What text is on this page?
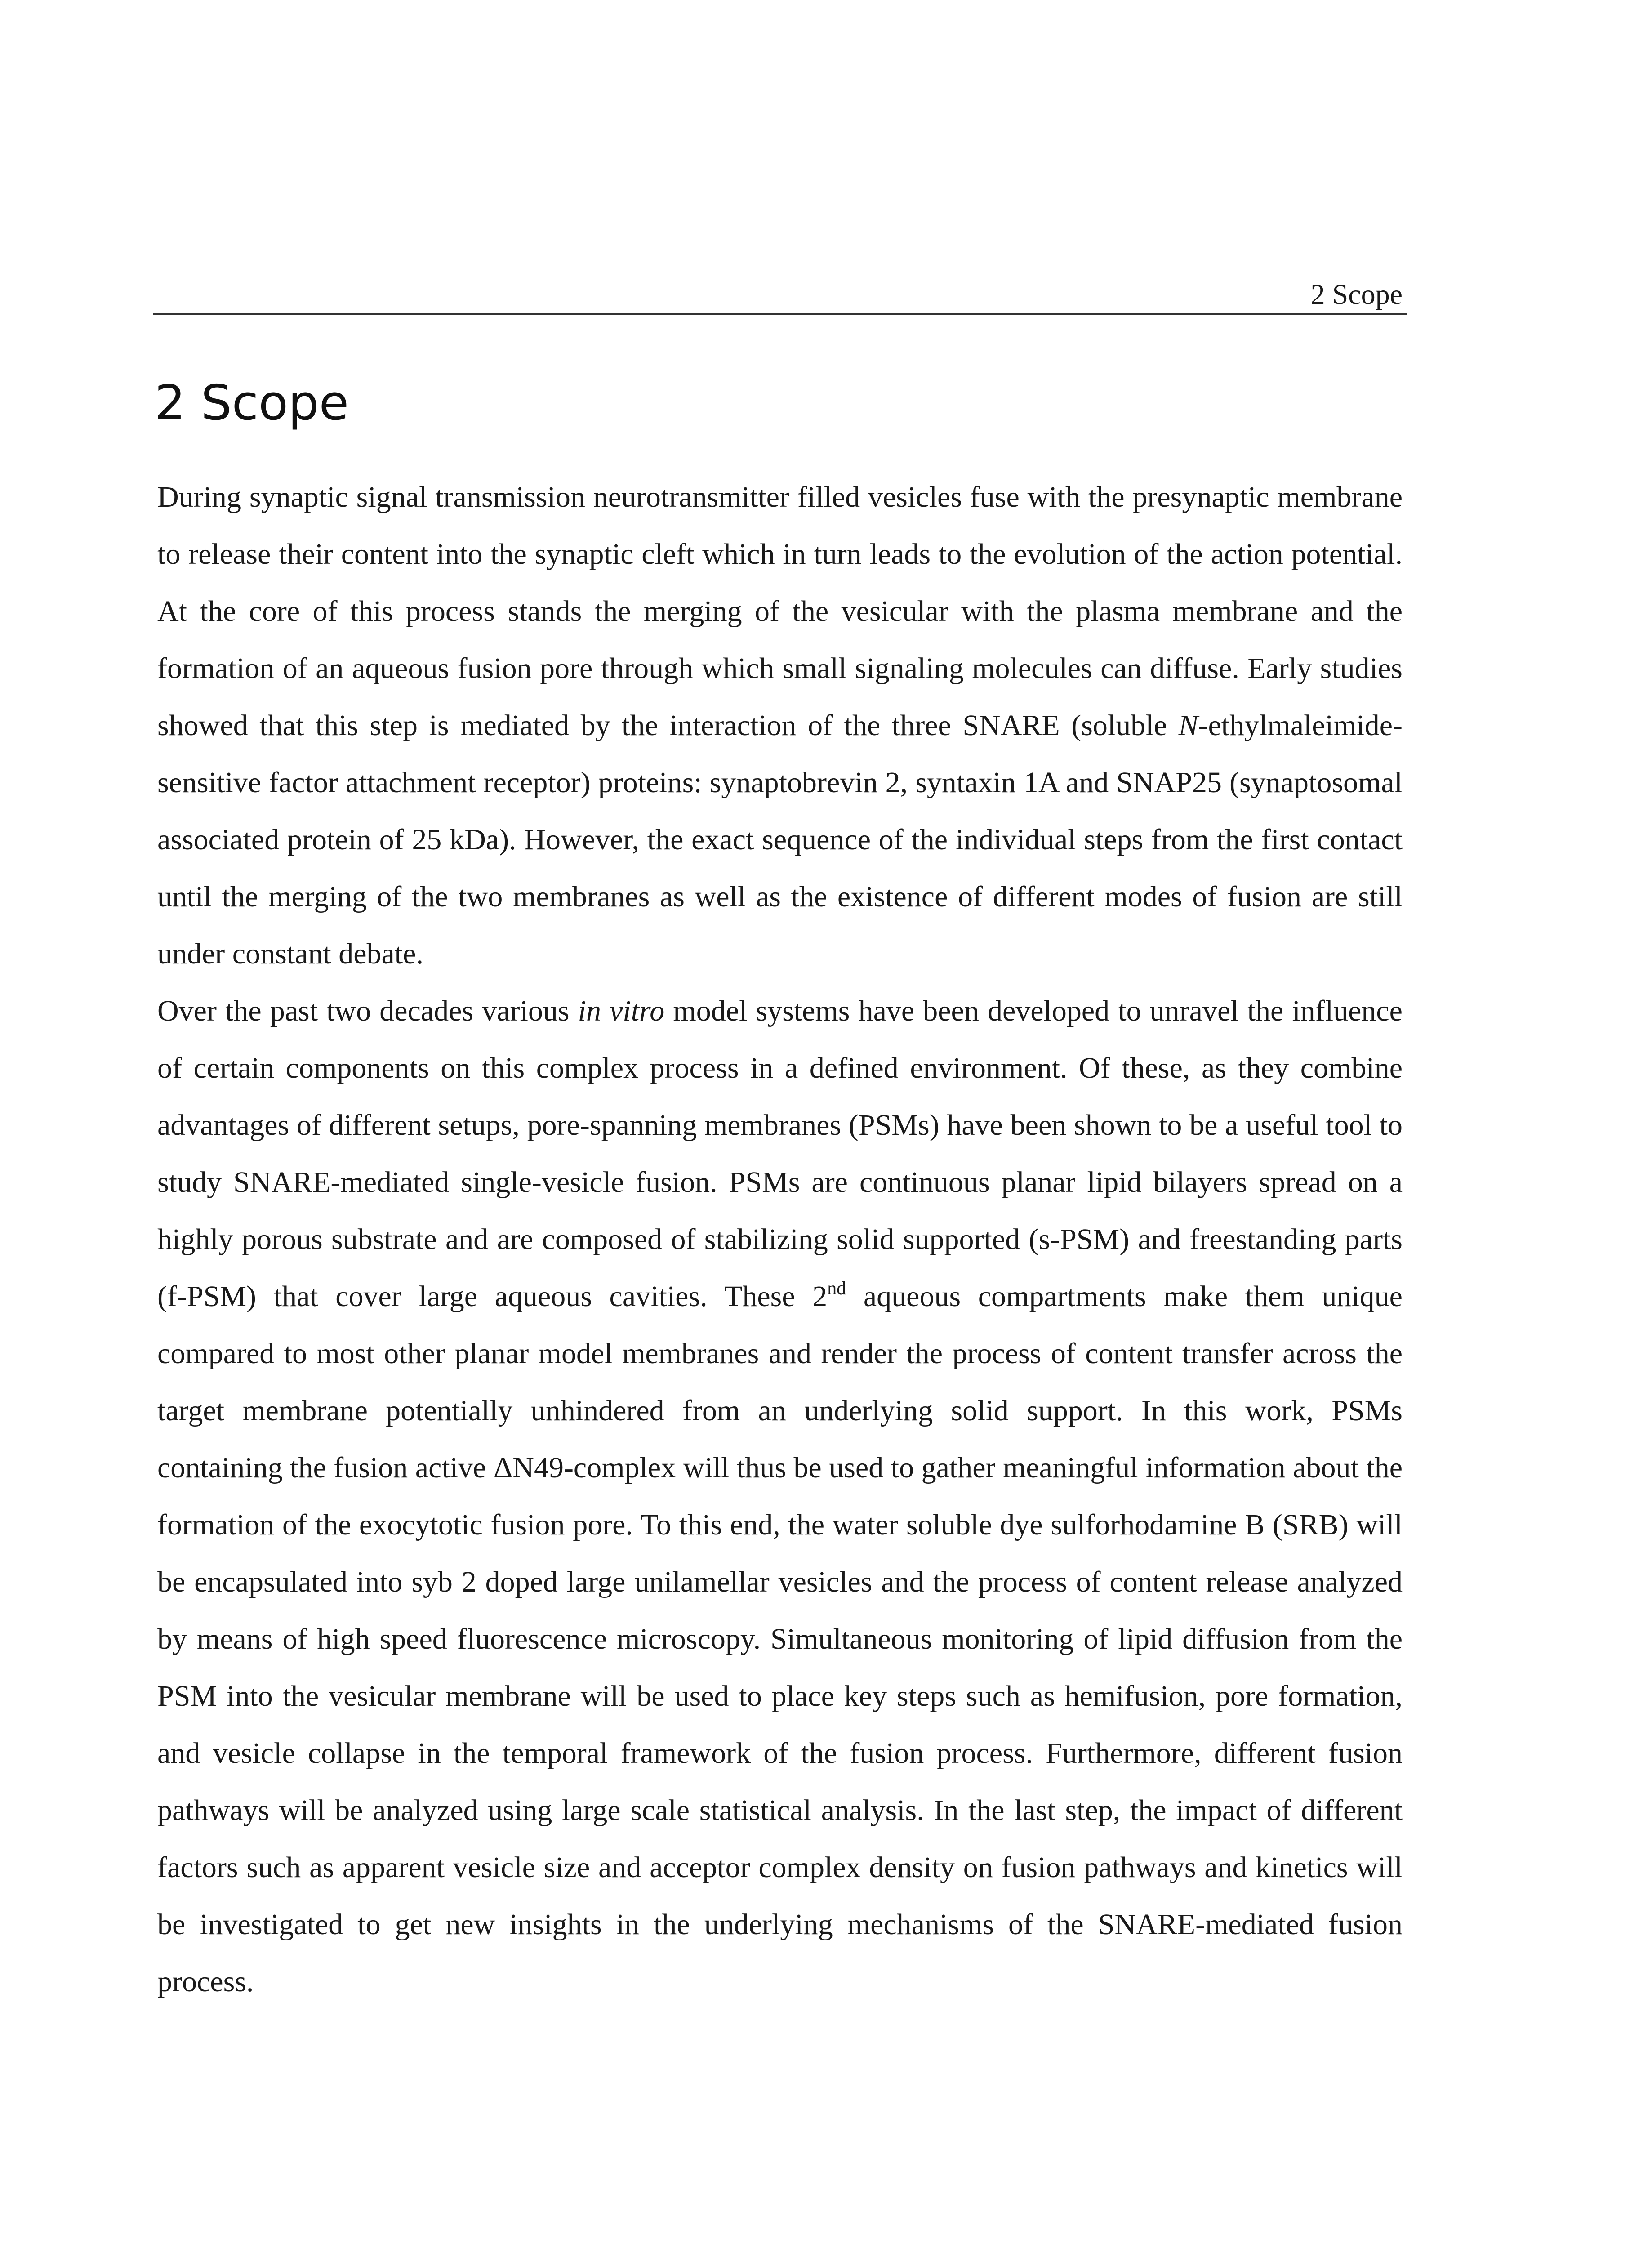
2 Scope
2 Scope

During synaptic signal transmission neurotransmitter filled vesicles fuse with the presynaptic membrane to release their content into the synaptic cleft which in turn leads to the evolution of the action potential. At the core of this process stands the merging of the vesicular with the plasma membrane and the formation of an aqueous fusion pore through which small signaling molecules can diffuse. Early studies showed that this step is mediated by the interaction of the three SNARE (soluble N-ethylmaleimide-sensitive factor attachment receptor) proteins: synaptobrevin 2, syntaxin 1A and SNAP25 (synaptosomal associated protein of 25 kDa). However, the exact sequence of the individual steps from the first contact until the merging of the two membranes as well as the existence of different modes of fusion are still under constant debate.

Over the past two decades various in vitro model systems have been developed to unravel the influence of certain components on this complex process in a defined environment. Of these, as they combine advantages of different setups, pore-spanning membranes (PSMs) have been shown to be a useful tool to study SNARE-mediated single-vesicle fusion. PSMs are continuous planar lipid bilayers spread on a highly porous substrate and are composed of stabilizing solid supported (s-PSM) and freestanding parts (f-PSM) that cover large aqueous cavities. These 2nd aqueous compartments make them unique compared to most other planar model membranes and render the process of content transfer across the target membrane potentially unhindered from an underlying solid support. In this work, PSMs containing the fusion active ΔN49-complex will thus be used to gather meaningful information about the formation of the exocytotic fusion pore. To this end, the water soluble dye sulforhodamine B (SRB) will be encapsulated into syb 2 doped large unilamellar vesicles and the process of content release analyzed by means of high speed fluorescence microscopy. Simultaneous monitoring of lipid diffusion from the PSM into the vesicular membrane will be used to place key steps such as hemifusion, pore formation, and vesicle collapse in the temporal framework of the fusion process. Furthermore, different fusion pathways will be analyzed using large scale statistical analysis. In the last step, the impact of different factors such as apparent vesicle size and acceptor complex density on fusion pathways and kinetics will be investigated to get new insights in the underlying mechanisms of the SNARE-mediated fusion process.
